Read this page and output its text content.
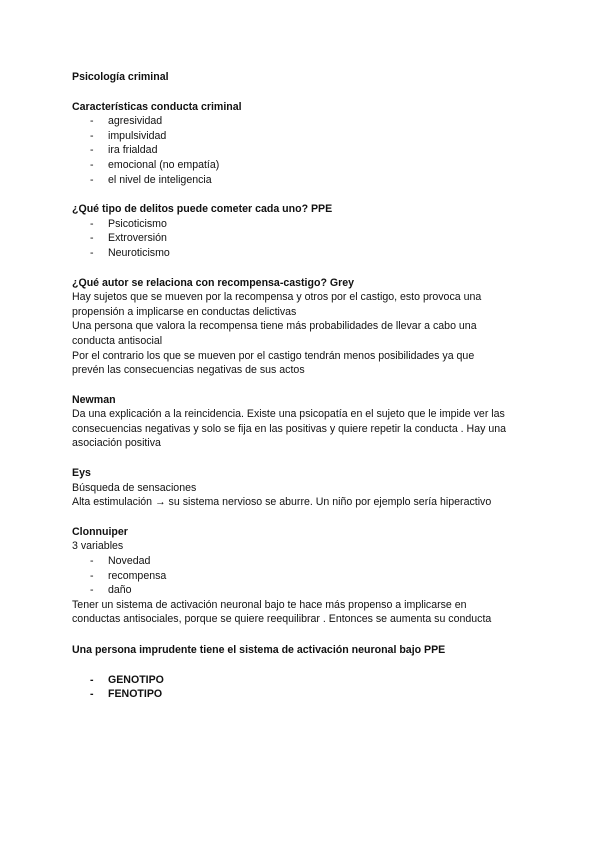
Psicología criminal
Características conducta criminal
- agresividad
- impulsividad
- ira frialdad
- emocional (no empatía)
- el nivel de inteligencia
¿Qué tipo de delitos puede cometer cada uno? PPE
- Psicoticismo
- Extroversión
- Neuroticismo
¿Qué autor se relaciona con recompensa-castigo? Grey
Hay sujetos que se mueven por la recompensa y otros por el castigo, esto provoca una
propensión a implicarse en conductas delictivas
Una persona que valora la recompensa tiene más probabilidades de llevar a cabo una
conducta antisocial
Por el contrario los que se mueven por el castigo tendrán menos posibilidades ya que
prevén las consecuencias negativas de sus actos
Newman
Da una explicación a la reincidencia. Existe una psicopatía en el sujeto que le impide ver las
consecuencias negativas y solo se fija en las positivas y quiere repetir la conducta . Hay una
asociación positiva
Eys
Búsqueda de sensaciones
Alta estimulación → su sistema nervioso se aburre. Un niño por ejemplo sería hiperactivo
Clonnuiper
3 variables
- Novedad
- recompensa
- daño
Tener un sistema de activación neuronal bajo te hace más propenso a implicarse en
conductas antisociales, porque se quiere reequilibrar . Entonces se aumenta su conducta
Una persona imprudente tiene el sistema de activación neuronal bajo PPE
- GENOTIPO
- FENOTIPO
